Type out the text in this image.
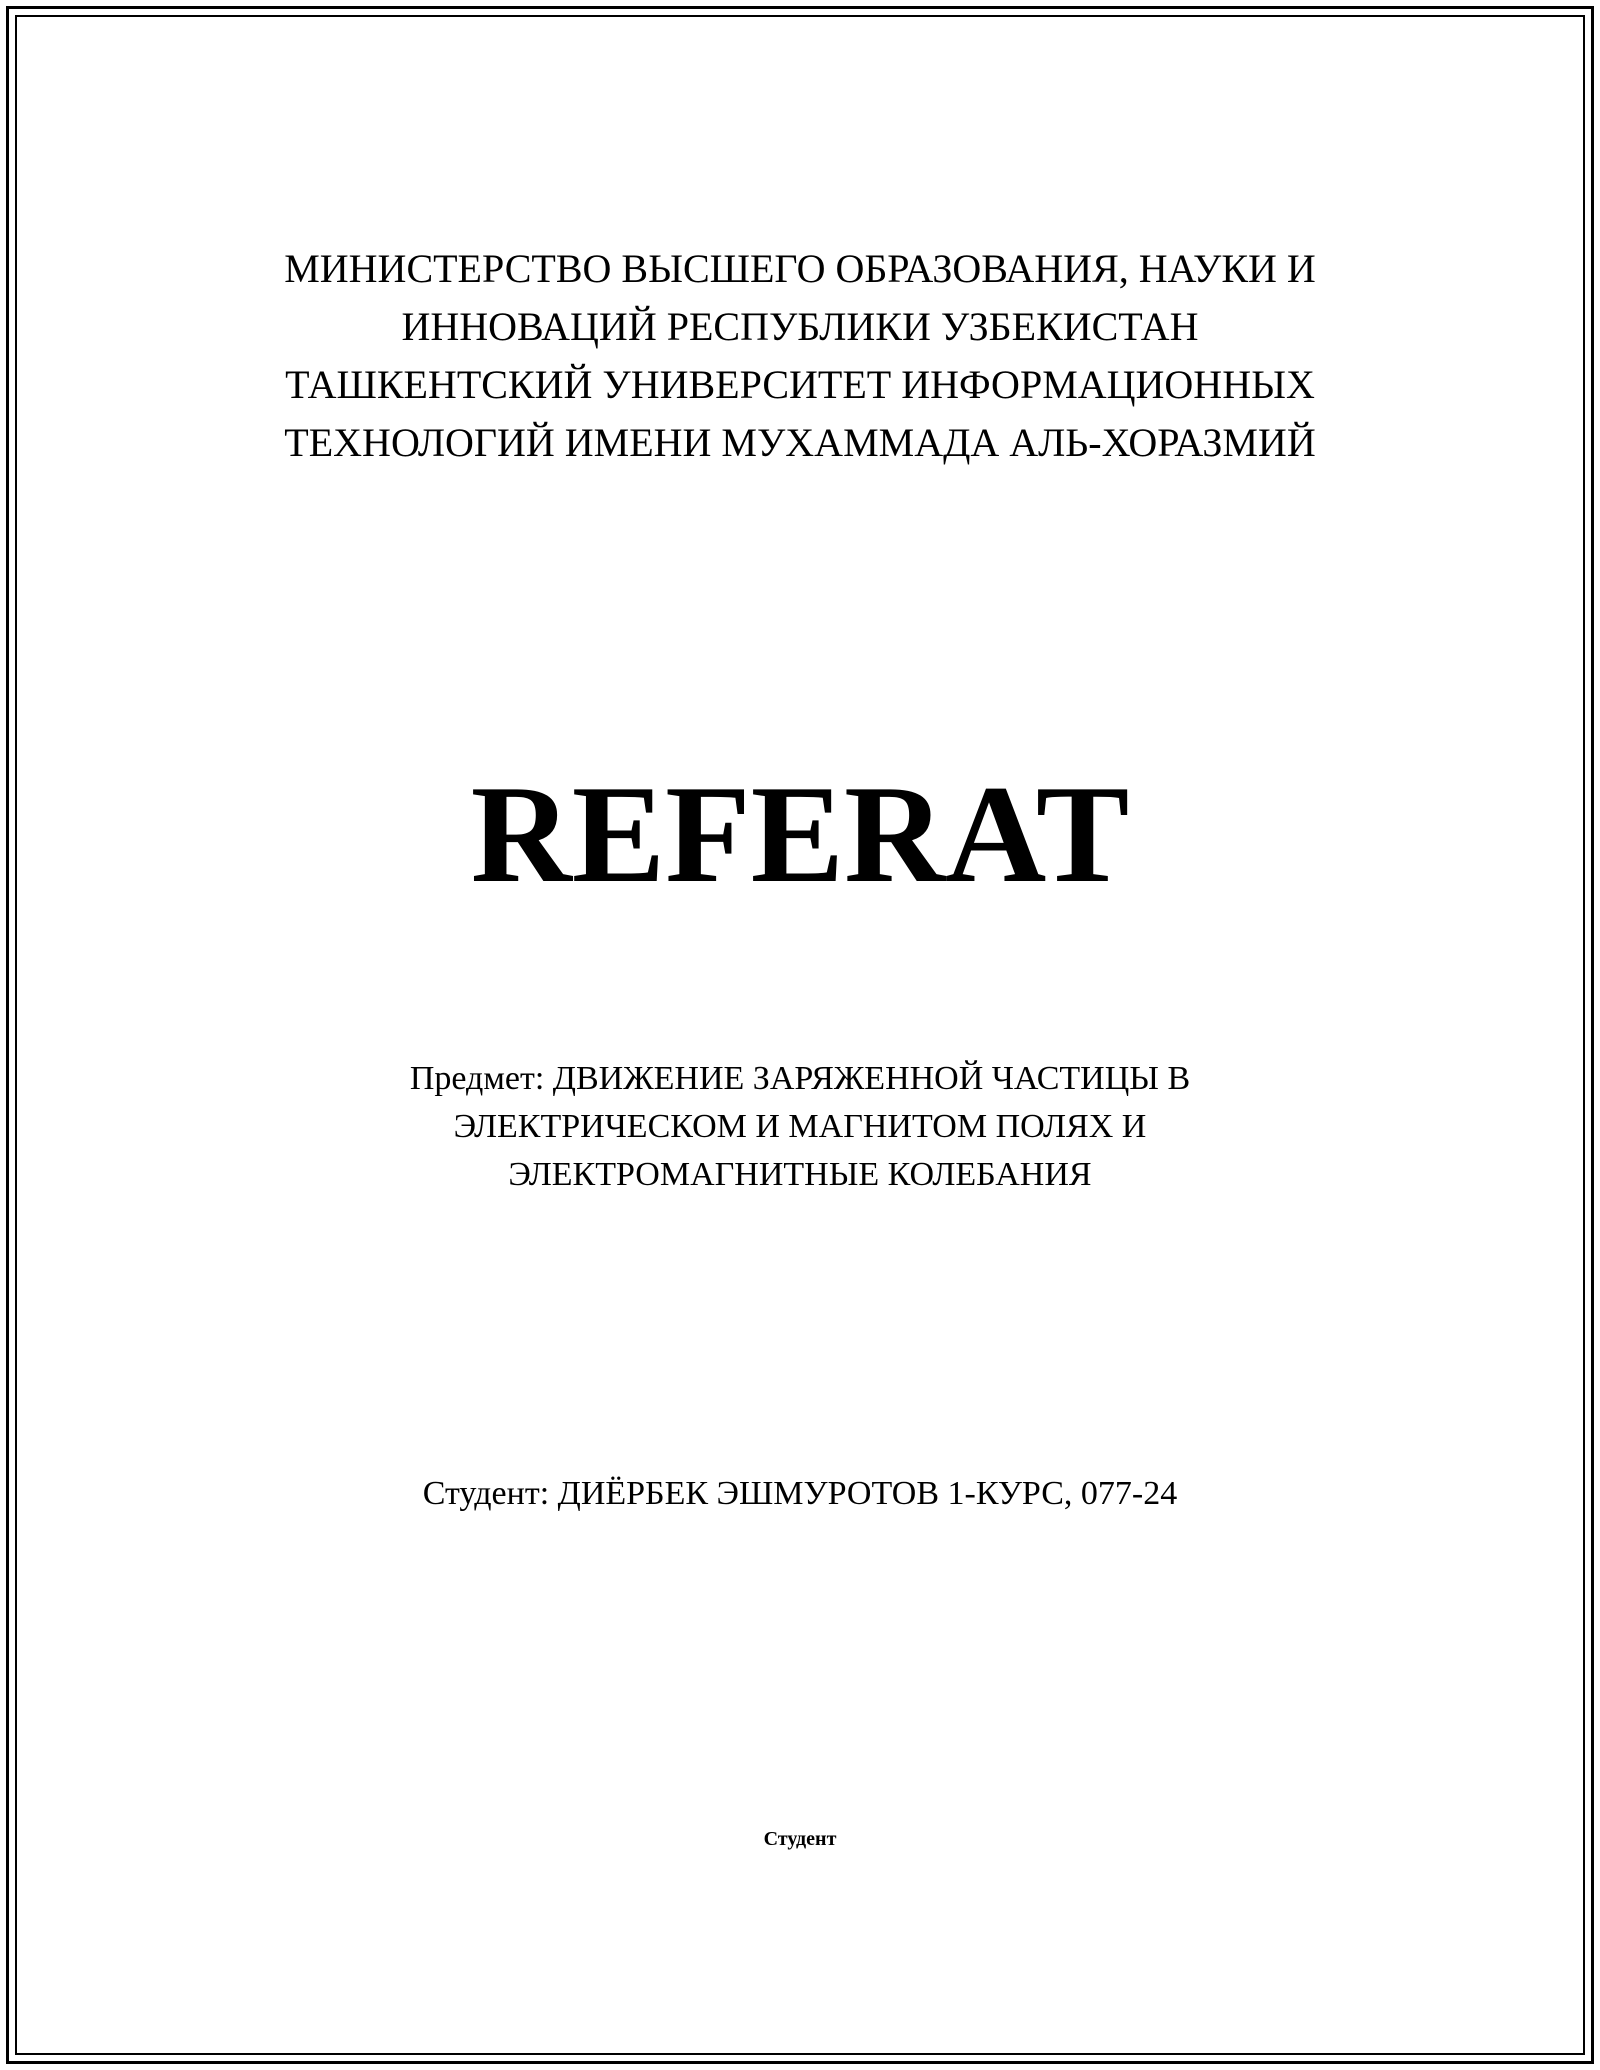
МИНИСТЕРСТВО ВЫСШЕГО ОБРАЗОВАНИЯ, НАУКИ И
ИННОВАЦИЙ РЕСПУБЛИКИ УЗБЕКИСТАН
ТАШКЕНТСКИЙ УНИВЕРСИТЕТ ИНФОРМАЦИОННЫХ
ТЕХНОЛОГИЙ ИМЕНИ МУХАММАДА АЛЬ-ХОРАЗМИЙ
REFERAT
Предмет: ДВИЖЕНИЕ ЗАРЯЖЕННОЙ ЧАСТИЦЫ В
ЭЛЕКТРИЧЕСКОМ И МАГНИТОМ ПОЛЯХ И
ЭЛЕКТРОМАГНИТНЫЕ КОЛЕБАНИЯ
Студент: ДИЁРБЕК ЭШМУРОТОВ 1-КУРС, 077-24
Студент
